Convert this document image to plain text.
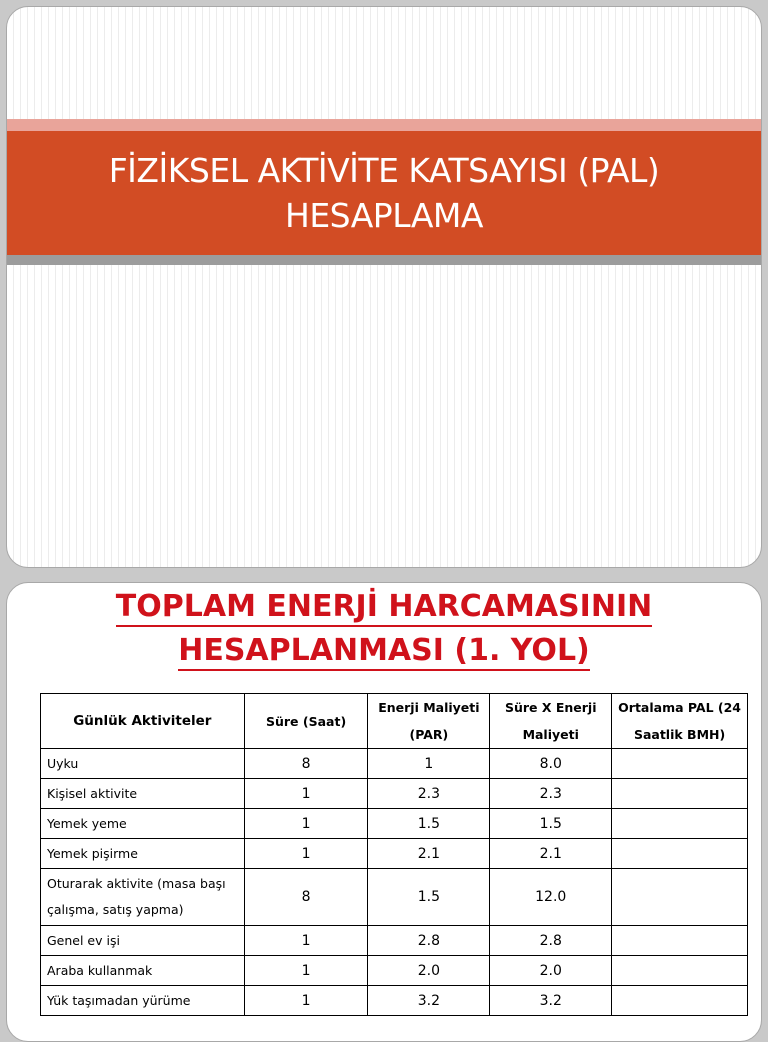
FİZİKSEL AKTİVİTE KATSAYISI (PAL)
HESAPLAMA
TOPLAM ENERJİ HARCAMASININ
HESAPLANMASI (1. YOL)
Günlük Aktiviteler	Süre (Saat)	Enerji Maliyeti (PAR)	Süre X Enerji Maliyeti	Ortalama PAL (24 Saatlik BMH)
Uyku	8	1	8.0	
Kişisel aktivite	1	2.3	2.3	
Yemek yeme	1	1.5	1.5	
Yemek pişirme	1	2.1	2.1	
Oturarak aktivite (masa başı çalışma, satış yapma)	8	1.5	12.0	
Genel ev işi	1	2.8	2.8	
Araba kullanmak	1	2.0	2.0	
Yük taşımadan yürüme	1	3.2	3.2	
